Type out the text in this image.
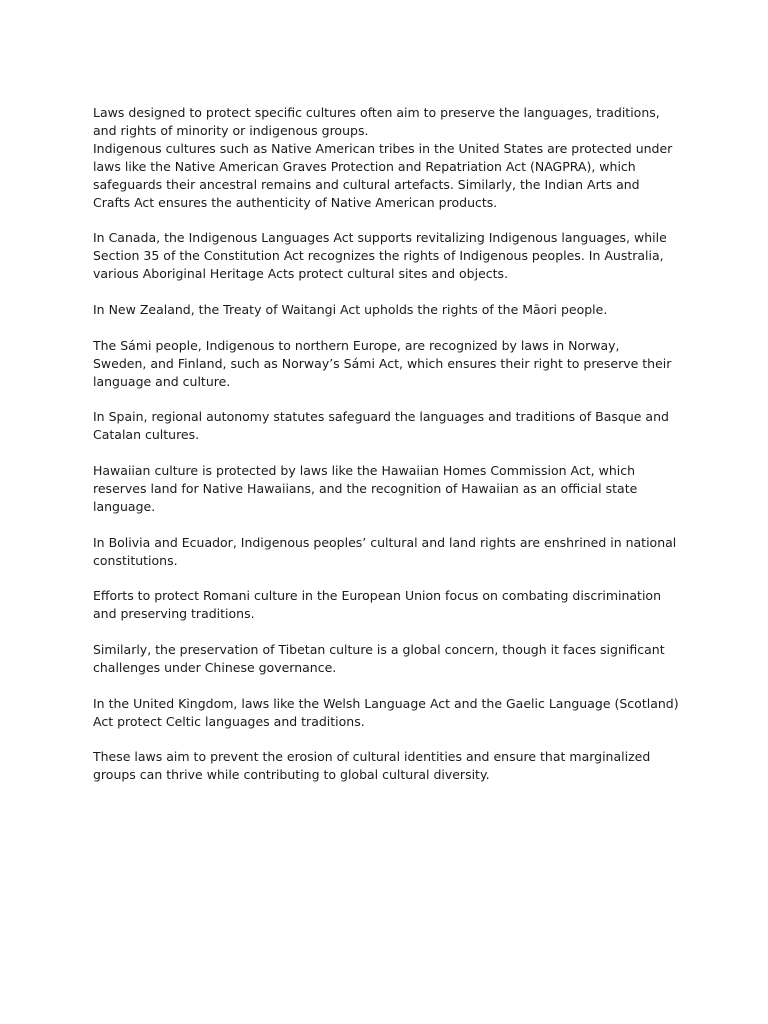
Laws designed to protect specific cultures often aim to preserve the languages, traditions,
and rights of minority or indigenous groups.
Indigenous cultures such as Native American tribes in the United States are protected under
laws like the Native American Graves Protection and Repatriation Act (NAGPRA), which
safeguards their ancestral remains and cultural artefacts. Similarly, the Indian Arts and
Crafts Act ensures the authenticity of Native American products.
In Canada, the Indigenous Languages Act supports revitalizing Indigenous languages, while
Section 35 of the Constitution Act recognizes the rights of Indigenous peoples. In Australia,
various Aboriginal Heritage Acts protect cultural sites and objects.
In New Zealand, the Treaty of Waitangi Act upholds the rights of the Māori people.
The Sámi people, Indigenous to northern Europe, are recognized by laws in Norway,
Sweden, and Finland, such as Norway’s Sámi Act, which ensures their right to preserve their
language and culture.
In Spain, regional autonomy statutes safeguard the languages and traditions of Basque and
Catalan cultures.
Hawaiian culture is protected by laws like the Hawaiian Homes Commission Act, which
reserves land for Native Hawaiians, and the recognition of Hawaiian as an official state
language.
In Bolivia and Ecuador, Indigenous peoples’ cultural and land rights are enshrined in national
constitutions.
Efforts to protect Romani culture in the European Union focus on combating discrimination
and preserving traditions.
Similarly, the preservation of Tibetan culture is a global concern, though it faces significant
challenges under Chinese governance.
In the United Kingdom, laws like the Welsh Language Act and the Gaelic Language (Scotland)
Act protect Celtic languages and traditions.
These laws aim to prevent the erosion of cultural identities and ensure that marginalized
groups can thrive while contributing to global cultural diversity.
